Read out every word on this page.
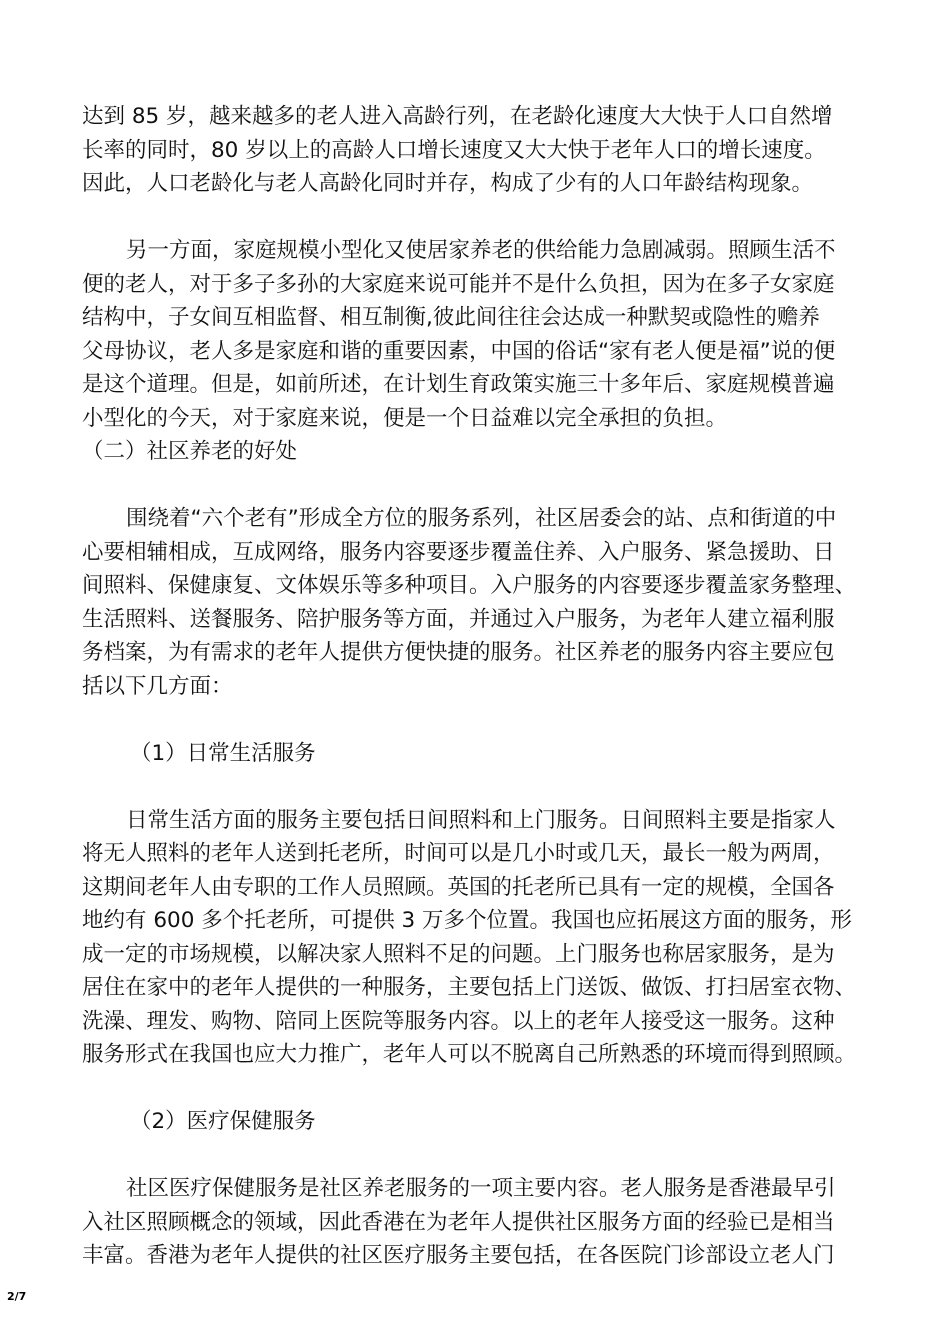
达到 85 岁，越来越多的老人进入高龄行列，在老龄化速度大大快于人口自然增
长率的同时，80 岁以上的高龄人口增长速度又大大快于老年人口的增长速度。
因此，人口老龄化与老人高龄化同时并存，构成了少有的人口年龄结构现象。
另一方面，家庭规模小型化又使居家养老的供给能力急剧减弱。照顾生活不
便的老人，对于多子多孙的大家庭来说可能并不是什么负担，因为在多子女家庭
结构中，子女间互相监督、相互制衡,彼此间往往会达成一种默契或隐性的赡养
父母协议，老人多是家庭和谐的重要因素，中国的俗话“家有老人便是福”说的便
是这个道理。但是，如前所述，在计划生育政策实施三十多年后、家庭规模普遍
小型化的今天，对于家庭来说，便是一个日益难以完全承担的负担。
（二）社区养老的好处
围绕着“六个老有”形成全方位的服务系列，社区居委会的站、点和街道的中
心要相辅相成，互成网络，服务内容要逐步覆盖住养、入户服务、紧急援助、日
间照料、保健康复、文体娱乐等多种项目。入户服务的内容要逐步覆盖家务整理、
生活照料、送餐服务、陪护服务等方面，并通过入户服务，为老年人建立福利服
务档案，为有需求的老年人提供方便快捷的服务。社区养老的服务内容主要应包
括以下几方面：
（1）日常生活服务
日常生活方面的服务主要包括日间照料和上门服务。日间照料主要是指家人
将无人照料的老年人送到托老所，时间可以是几小时或几天，最长一般为两周，
这期间老年人由专职的工作人员照顾。英国的托老所已具有一定的规模，全国各
地约有 600 多个托老所，可提供 3 万多个位置。我国也应拓展这方面的服务，形
成一定的市场规模，以解决家人照料不足的问题。上门服务也称居家服务，是为
居住在家中的老年人提供的一种服务，主要包括上门送饭、做饭、打扫居室衣物、
洗澡、理发、购物、陪同上医院等服务内容。以上的老年人接受这一服务。这种
服务形式在我国也应大力推广，老年人可以不脱离自己所熟悉的环境而得到照顾。
（2）医疗保健服务
社区医疗保健服务是社区养老服务的一项主要内容。老人服务是香港最早引
入社区照顾概念的领域，因此香港在为老年人提供社区服务方面的经验已是相当
丰富。香港为老年人提供的社区医疗服务主要包括，在各医院门诊部设立老人门
2/7
